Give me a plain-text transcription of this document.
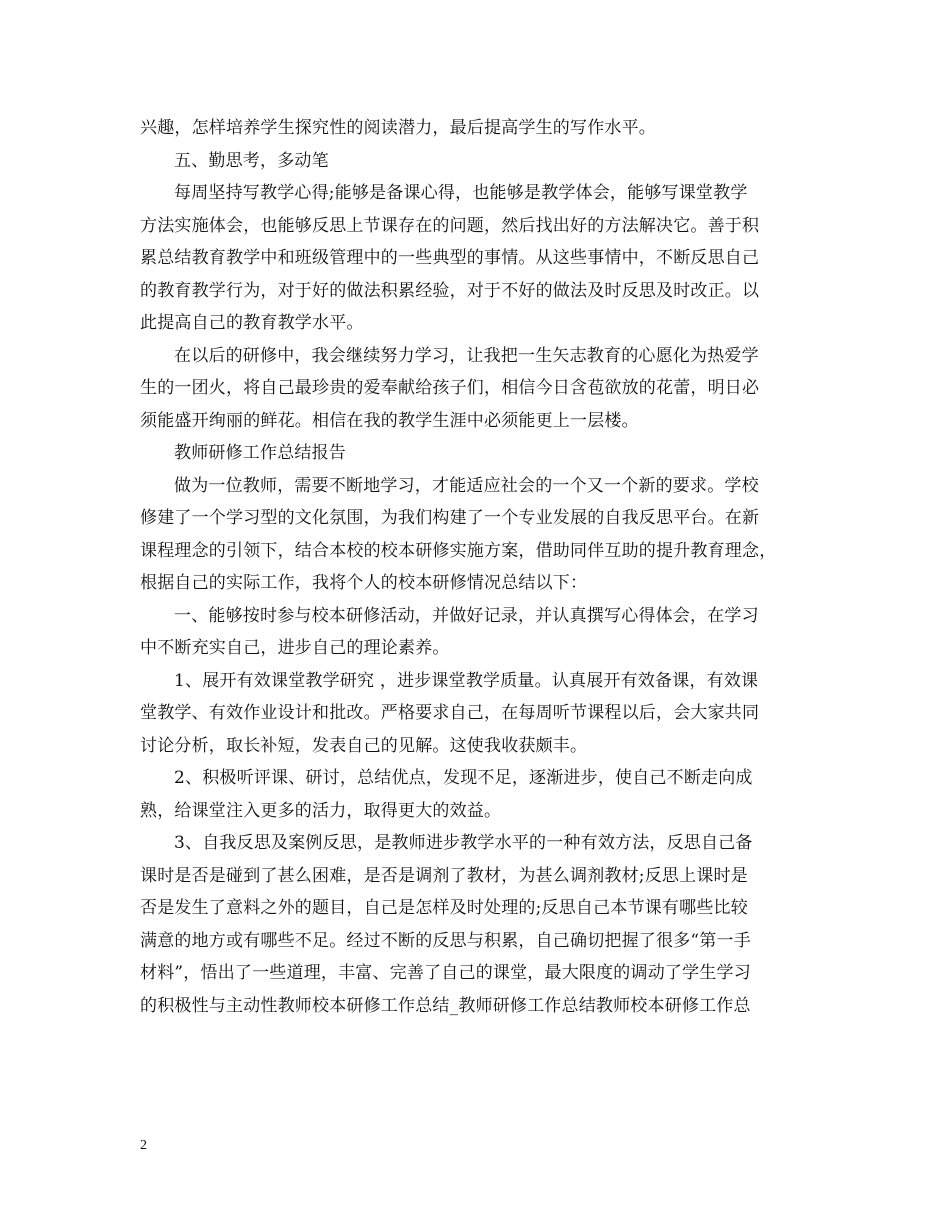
兴趣，怎样培养学生探究性的阅读潜力，最后提高学生的写作水平。

五、勤思考，多动笔

每周坚持写教学心得;能够是备课心得，也能够是教学体会，能够写课堂教学

方法实施体会，也能够反思上节课存在的问题，然后找出好的方法解决它。善于积

累总结教育教学中和班级管理中的一些典型的事情。从这些事情中，不断反思自己

的教育教学行为，对于好的做法积累经验，对于不好的做法及时反思及时改正。以

此提高自己的教育教学水平。

在以后的研修中，我会继续努力学习，让我把一生矢志教育的心愿化为热爱学

生的一团火，将自己最珍贵的爱奉献给孩子们，相信今日含苞欲放的花蕾，明日必

须能盛开绚丽的鲜花。相信在我的教学生涯中必须能更上一层楼。

教师研修工作总结报告

做为一位教师，需要不断地学习，才能适应社会的一个又一个新的要求。学校

修建了一个学习型的文化氛围，为我们构建了一个专业发展的自我反思平台。在新

课程理念的引领下，结合本校的校本研修实施方案，借助同伴互助的提升教育理念，

根据自己的实际工作，我将个人的校本研修情况总结以下：

一、能够按时参与校本研修活动，并做好记录，并认真撰写心得体会，在学习

中不断充实自己，进步自己的理论素养。

1、展开有效课堂教学研究 ，进步课堂教学质量。认真展开有效备课，有效课

堂教学、有效作业设计和批改。严格要求自己，在每周听节课程以后，会大家共同

讨论分析，取长补短，发表自己的见解。这使我收获颇丰。

2、积极听评课、研讨，总结优点，发现不足，逐渐进步，使自己不断走向成

熟，给课堂注入更多的活力，取得更大的效益。

3、自我反思及案例反思，是教师进步教学水平的一种有效方法，反思自己备

课时是否是碰到了甚么困难，是否是调剂了教材，为甚么调剂教材;反思上课时是

否是发生了意料之外的题目，自己是怎样及时处理的;反思自己本节课有哪些比较

满意的地方或有哪些不足。经过不断的反思与积累，自己确切把握了很多“第一手

材料”，悟出了一些道理，丰富、完善了自己的课堂，最大限度的调动了学生学习

的积极性与主动性教师校本研修工作总结_教师研修工作总结教师校本研修工作总

2
